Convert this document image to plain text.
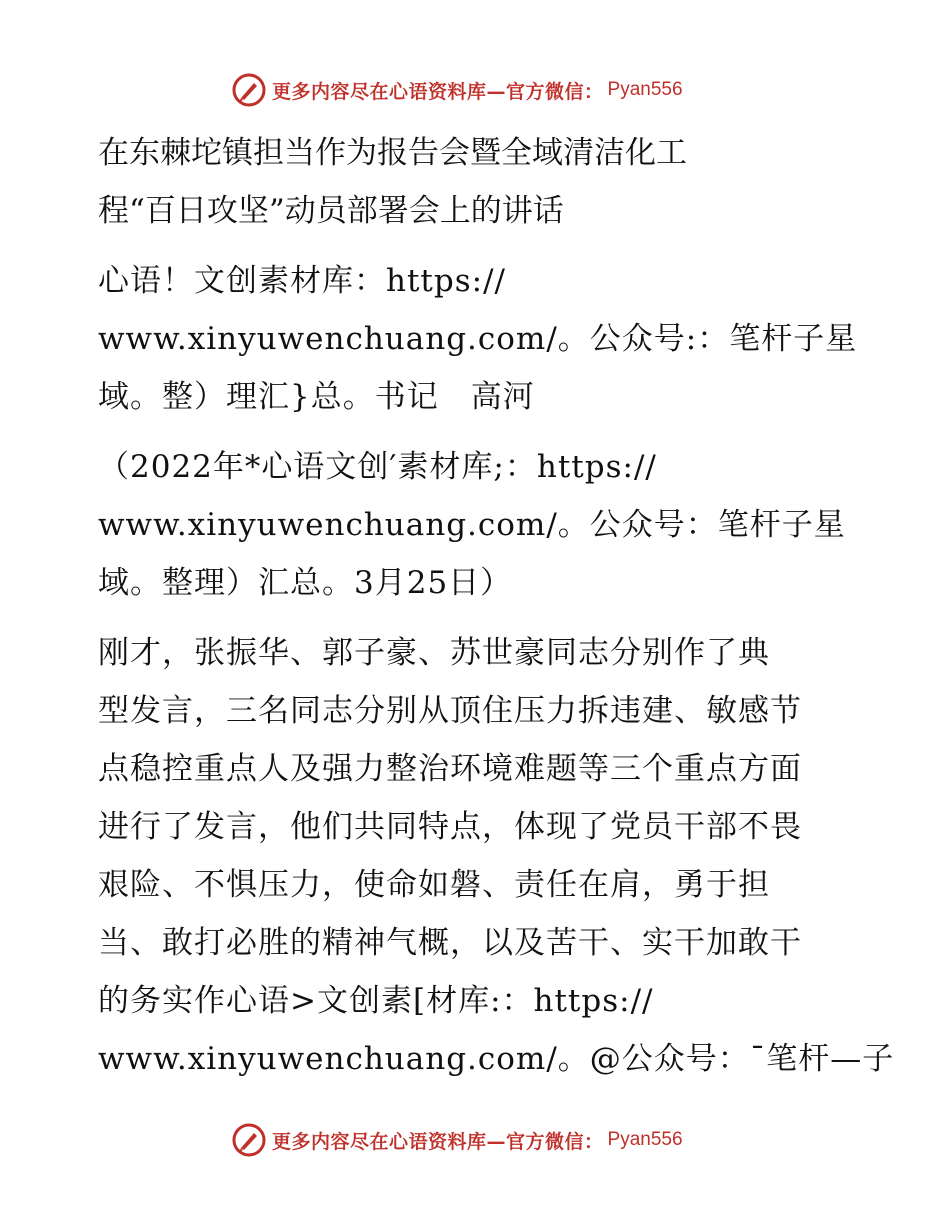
更多内容尽在心语资料库—官方微信： Pyan556
在东棘坨镇担当作为报告会暨全域清洁化工
程“百日攻坚”动员部署会上的讲话
心语！文创素材库：https://
www.xinyuwenchuang.com/。公众号:：笔杆子星
域。整）理汇}总。书记　高河
（2022年*心语文创′素材库;：https://
www.xinyuwenchuang.com/。公众号：笔杆子星
域。整理）汇总。3月25日）
刚才，张振华、郭子豪、苏世豪同志分别作了典
型发言，三名同志分别从顶住压力拆违建、敏感节
点稳控重点人及强力整治环境难题等三个重点方面
进行了发言，他们共同特点，体现了党员干部不畏
艰险、不惧压力，使命如磐、责任在肩，勇于担
当、敢打必胜的精神气概，以及苦干、实干加敢干
的务实作心语>文创素[材库:：https://
www.xinyuwenchuang.com/。@公众号：¯笔杆—子
更多内容尽在心语资料库—官方微信： Pyan556
